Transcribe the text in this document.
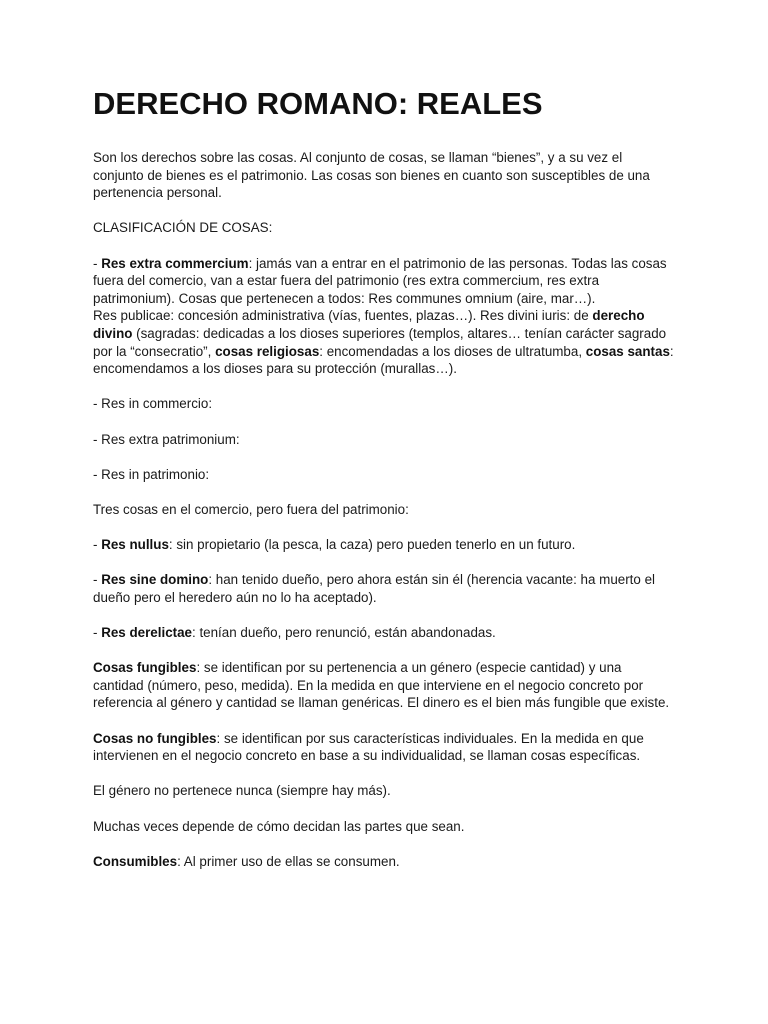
DERECHO ROMANO: REALES

Son los derechos sobre las cosas. Al conjunto de cosas, se llaman “bienes”, y a su vez el conjunto de bienes es el patrimonio. Las cosas son bienes en cuanto son susceptibles de una pertenencia personal.

CLASIFICACIÓN DE COSAS:

- Res extra commercium: jamás van a entrar en el patrimonio de las personas. Todas las cosas fuera del comercio, van a estar fuera del patrimonio (res extra commercium, res extra patrimonium). Cosas que pertenecen a todos: Res communes omnium (aire, mar…).

Res publicae: concesión administrativa (vías, fuentes, plazas…). Res divini iuris: de derecho divino (sagradas: dedicadas a los dioses superiores (templos, altares… tenían carácter sagrado por la “consecratio”, cosas religiosas: encomendadas a los dioses de ultratumba, cosas santas: encomendamos a los dioses para su protección (murallas…).

- Res in commercio:

- Res extra patrimonium:

- Res in patrimonio:

Tres cosas en el comercio, pero fuera del patrimonio:

- Res nullus: sin propietario (la pesca, la caza) pero pueden tenerlo en un futuro.

- Res sine domino: han tenido dueño, pero ahora están sin él (herencia vacante: ha muerto el dueño pero el heredero aún no lo ha aceptado).

- Res derelictae: tenían dueño, pero renunció, están abandonadas.

Cosas fungibles: se identifican por su pertenencia a un género (especie cantidad) y una cantidad (número, peso, medida). En la medida en que interviene en el negocio concreto por referencia al género y cantidad se llaman genéricas. El dinero es el bien más fungible que existe.

Cosas no fungibles: se identifican por sus características individuales. En la medida en que intervienen en el negocio concreto en base a su individualidad, se llaman cosas específicas.

El género no pertenece nunca (siempre hay más).

Muchas veces depende de cómo decidan las partes que sean.

Consumibles: Al primer uso de ellas se consumen.
